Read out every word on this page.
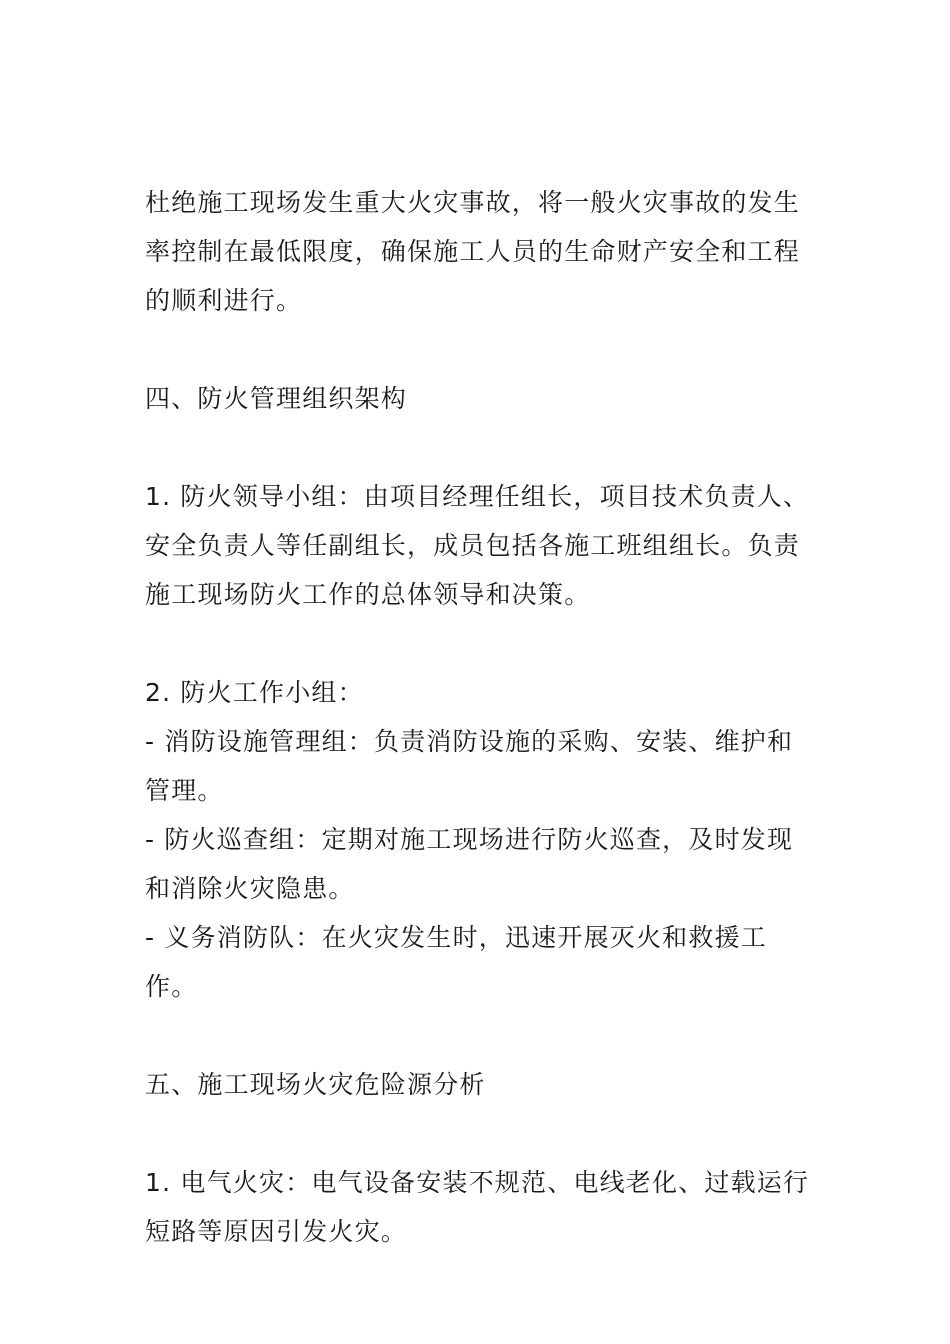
杜绝施工现场发生重大火灾事故，将一般火灾事故的发生率控制在最低限度，确保施工人员的生命财产安全和工程的顺利进行。

四、防火管理组织架构

1. 防火领导小组：由项目经理任组长，项目技术负责人、安全负责人等任副组长，成员包括各施工班组组长。负责施工现场防火工作的总体领导和决策。

2. 防火工作小组：

- 消防设施管理组：负责消防设施的采购、安装、维护和管理。

- 防火巡查组：定期对施工现场进行防火巡查，及时发现和消除火灾隐患。

- 义务消防队：在火灾发生时，迅速开展灭火和救援工作。

五、施工现场火灾危险源分析

1. 电气火灾：电气设备安装不规范、电线老化、过载运行短路等原因引发火灾。
